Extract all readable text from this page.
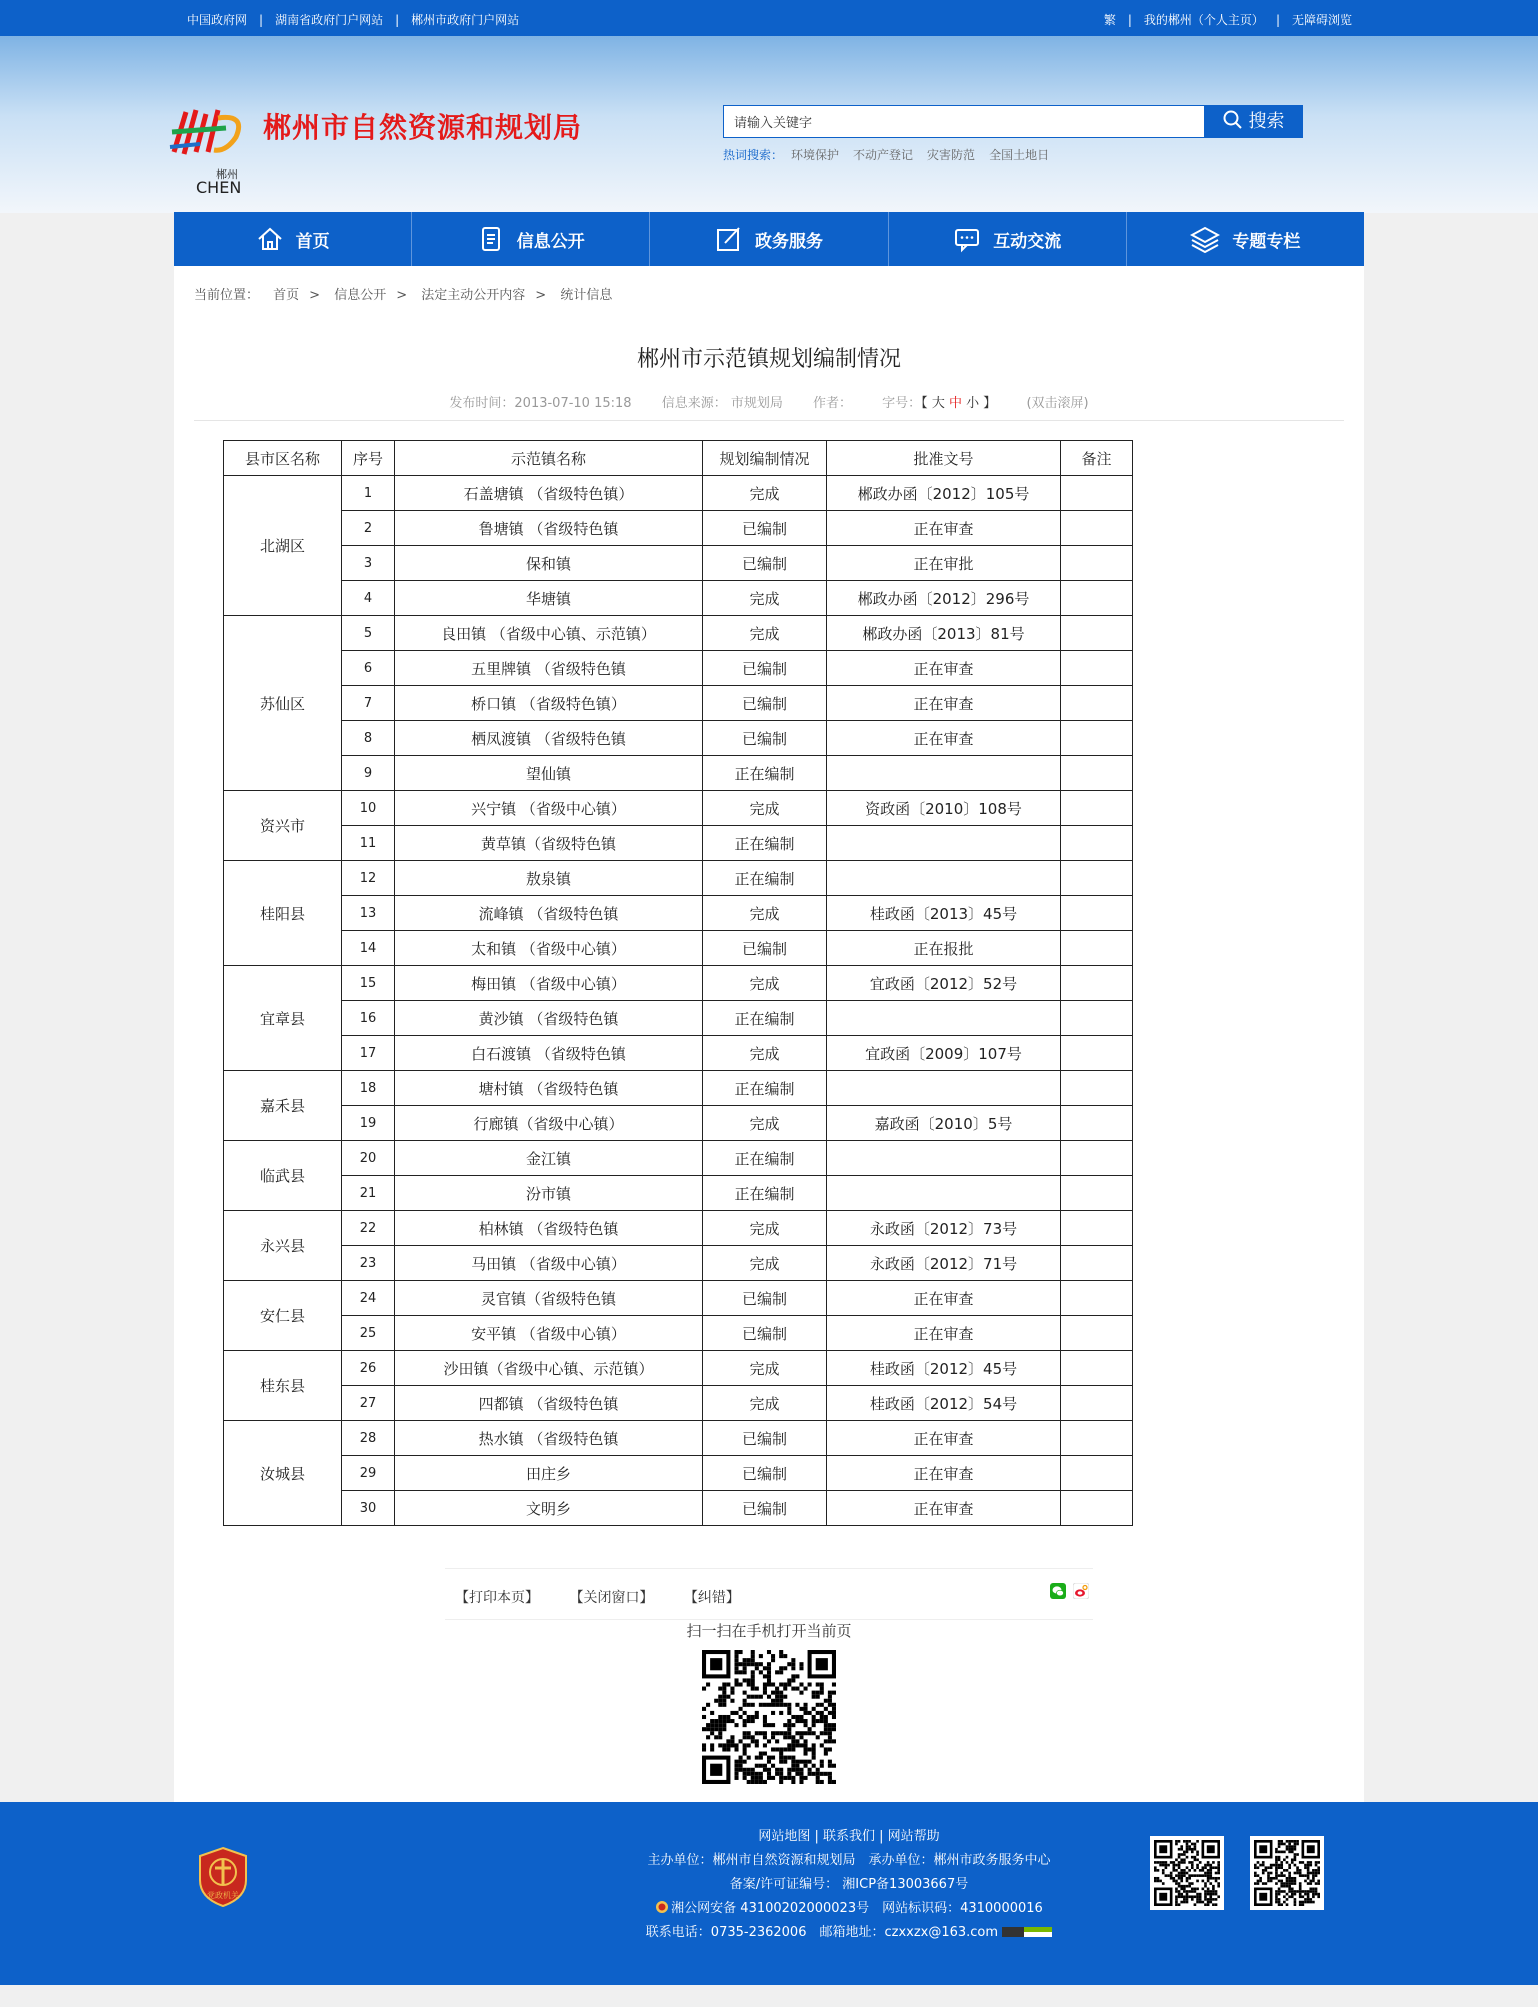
中国政府网 | 湖南省政府门户网站 | 郴州市政府门户网站	繁 | 我的郴州（个人主页） | 无障碍浏览
郴州
CHEN
郴州市自然资源和规划局
请输入关键字	搜索
热词搜索： 环境保护 不动产登记 灾害防范 全国土地日
首页	信息公开	政务服务	互动交流	专题专栏
当前位置： 首页 > 信息公开 > 法定主动公开内容 > 统计信息
郴州市示范镇规划编制情况
发布时间：2013-07-10 15:18 信息来源： 市规划局 作者： 字号：【 大 中 小 】 (双击滚屏)
县市区名称	序号	示范镇名称	规划编制情况	批准文号	备注
北湖区	1	石盖塘镇 （省级特色镇）	完成	郴政办函〔2012〕105号	
	2	鲁塘镇 （省级特色镇	已编制	正在审查	
	3	保和镇	已编制	正在审批	
	4	华塘镇	完成	郴政办函〔2012〕296号	
苏仙区	5	良田镇 （省级中心镇、示范镇）	完成	郴政办函〔2013〕81号	
	6	五里牌镇 （省级特色镇	已编制	正在审查	
	7	桥口镇 （省级特色镇）	已编制	正在审查	
	8	栖凤渡镇 （省级特色镇	已编制	正在审查	
	9	望仙镇	正在编制		
资兴市	10	兴宁镇 （省级中心镇）	完成	资政函〔2010〕108号	
	11	黄草镇（省级特色镇	正在编制		
桂阳县	12	敖泉镇	正在编制		
	13	流峰镇 （省级特色镇	完成	桂政函〔2013〕45号	
	14	太和镇 （省级中心镇）	已编制	正在报批	
宜章县	15	梅田镇 （省级中心镇）	完成	宜政函〔2012〕52号	
	16	黄沙镇 （省级特色镇	正在编制		
	17	白石渡镇 （省级特色镇	完成	宜政函〔2009〕107号	
嘉禾县	18	塘村镇 （省级特色镇	正在编制		
	19	行廊镇（省级中心镇）	完成	嘉政函〔2010〕5号	
临武县	20	金江镇	正在编制		
	21	汾市镇	正在编制		
永兴县	22	柏林镇 （省级特色镇	完成	永政函〔2012〕73号	
	23	马田镇 （省级中心镇）	完成	永政函〔2012〕71号	
安仁县	24	灵官镇（省级特色镇	已编制	正在审查	
	25	安平镇 （省级中心镇）	已编制	正在审查	
桂东县	26	沙田镇（省级中心镇、示范镇）	完成	桂政函〔2012〕45号	
	27	四都镇 （省级特色镇	完成	桂政函〔2012〕54号	
汝城县	28	热水镇 （省级特色镇	已编制	正在审查	
	29	田庄乡	已编制	正在审查	
	30	文明乡	已编制	正在审查	
【打印本页】 【关闭窗口】 【纠错】

扫一扫在手机打开当前页
党政机关
网站地图 | 联系我们 | 网站帮助
主办单位：郴州市自然资源和规划局　承办单位：郴州市政务服务中心
备案/许可证编号： 湘ICP备13003667号
湘公网安备 43100202000023号　网站标识码：4310000016
联系电话：0735-2362006　邮箱地址：czxxzx@163.com
